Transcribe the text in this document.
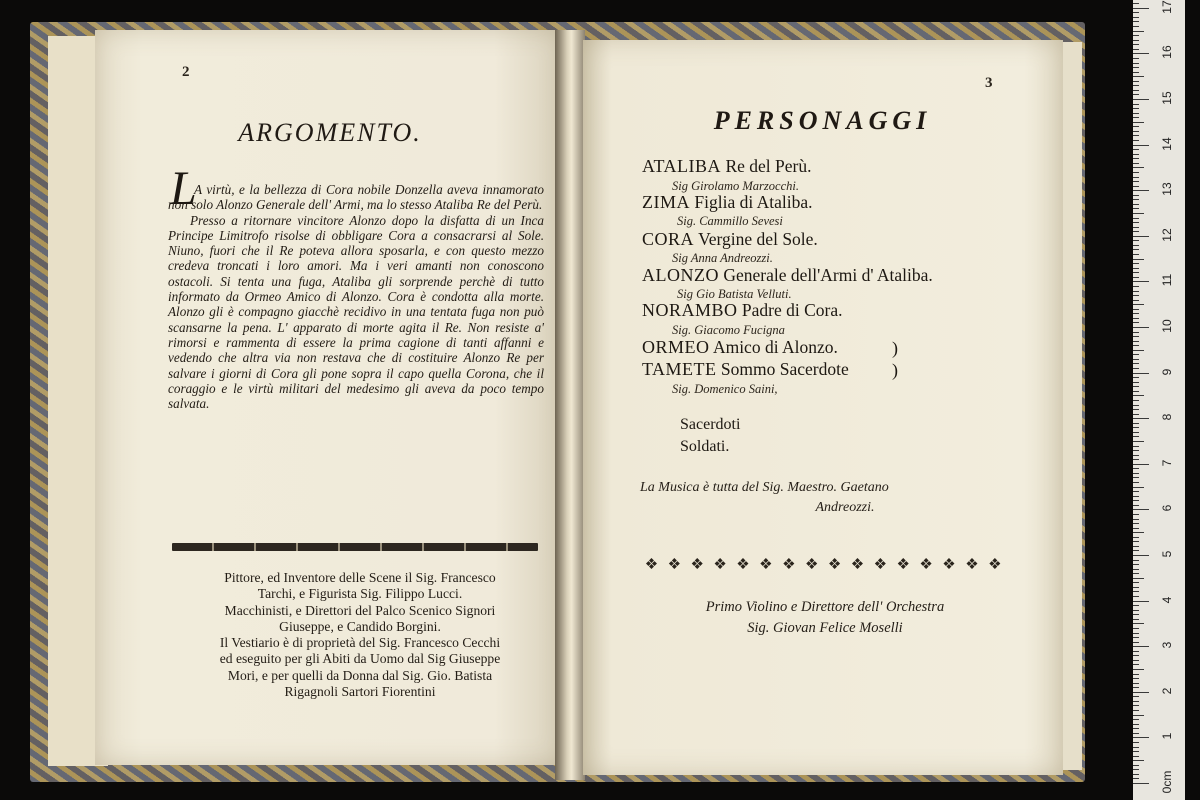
2
ARGOMENTO.
L

A virtù, e la bellezza di Cora nobile Donzella aveva innamorato non solo Alonzo Generale dell' Armi, ma lo stesso Ataliba Re del Perù.

Presso a ritornare vincitore Alonzo dopo la disfatta di un Inca Principe Limitrofo risolse di obbligare Cora a consacrarsi al Sole. Niuno, fuori che il Re poteva allora sposarla, e con questo mezzo credeva troncati i loro amori. Ma i veri amanti non conoscono ostacoli. Si tenta una fuga, Ataliba gli sorprende perchè di tutto informato da Ormeo Amico di Alonzo. Cora è condotta alla morte. Alonzo gli è compagno giacchè recidivo in una tentata fuga non può scansarne la pena. L' apparato di morte agita il Re. Non resiste a' rimorsi e rammenta di essere la prima cagione di tanti affanni e vedendo che altra via non restava che di costituire Alonzo Re per salvare i giorni di Cora gli pone sopra il capo quella Corona, che il coraggio e le virtù militari del medesimo gli aveva da poco tempo salvata.

Pittore, ed Inventore delle Scene il Sig. Francesco
Tarchi, e Figurista Sig. Filippo Lucci.
Macchinisti, e Direttori del Palco Scenico Signori
Giuseppe, e Candido Borgini.
Il Vestiario è di proprietà del Sig. Francesco Cecchi
ed eseguito per gli Abiti da Uomo dal Sig Giuseppe
Mori, e per quelli da Donna dal Sig. Gio. Batista
Rigagnoli Sartori Fiorentini
3
PERSONAGGI
ATALIBA Re del Perù.
Sig Girolamo Marzocchi.
ZIMA Figlia di Ataliba.
Sig. Cammillo Sevesi
CORA Vergine del Sole.
Sig Anna Andreozzi.
ALONZO Generale dell'Armi d' Ataliba.
Sig Gio Batista Velluti.
NORAMBO Padre di Cora.
Sig. Giacomo Fucigna
ORMEO Amico di Alonzo.	)
TAMETE Sommo Sacerdote )
Sig. Domenico Saini,
Sacerdoti
Soldati.
La Musica è tutta del Sig. Maestro. Gaetano
Andreozzi.
❖ ❖ ❖ ❖ ❖ ❖ ❖ ❖ ❖ ❖ ❖ ❖ ❖ ❖ ❖ ❖
Primo Violino e Direttore dell' Orchestra
Sig. Giovan Felice Moselli
0cm
1
2
3
4
5
6
7
8
9
10
11
12
13
14
15
16
17
